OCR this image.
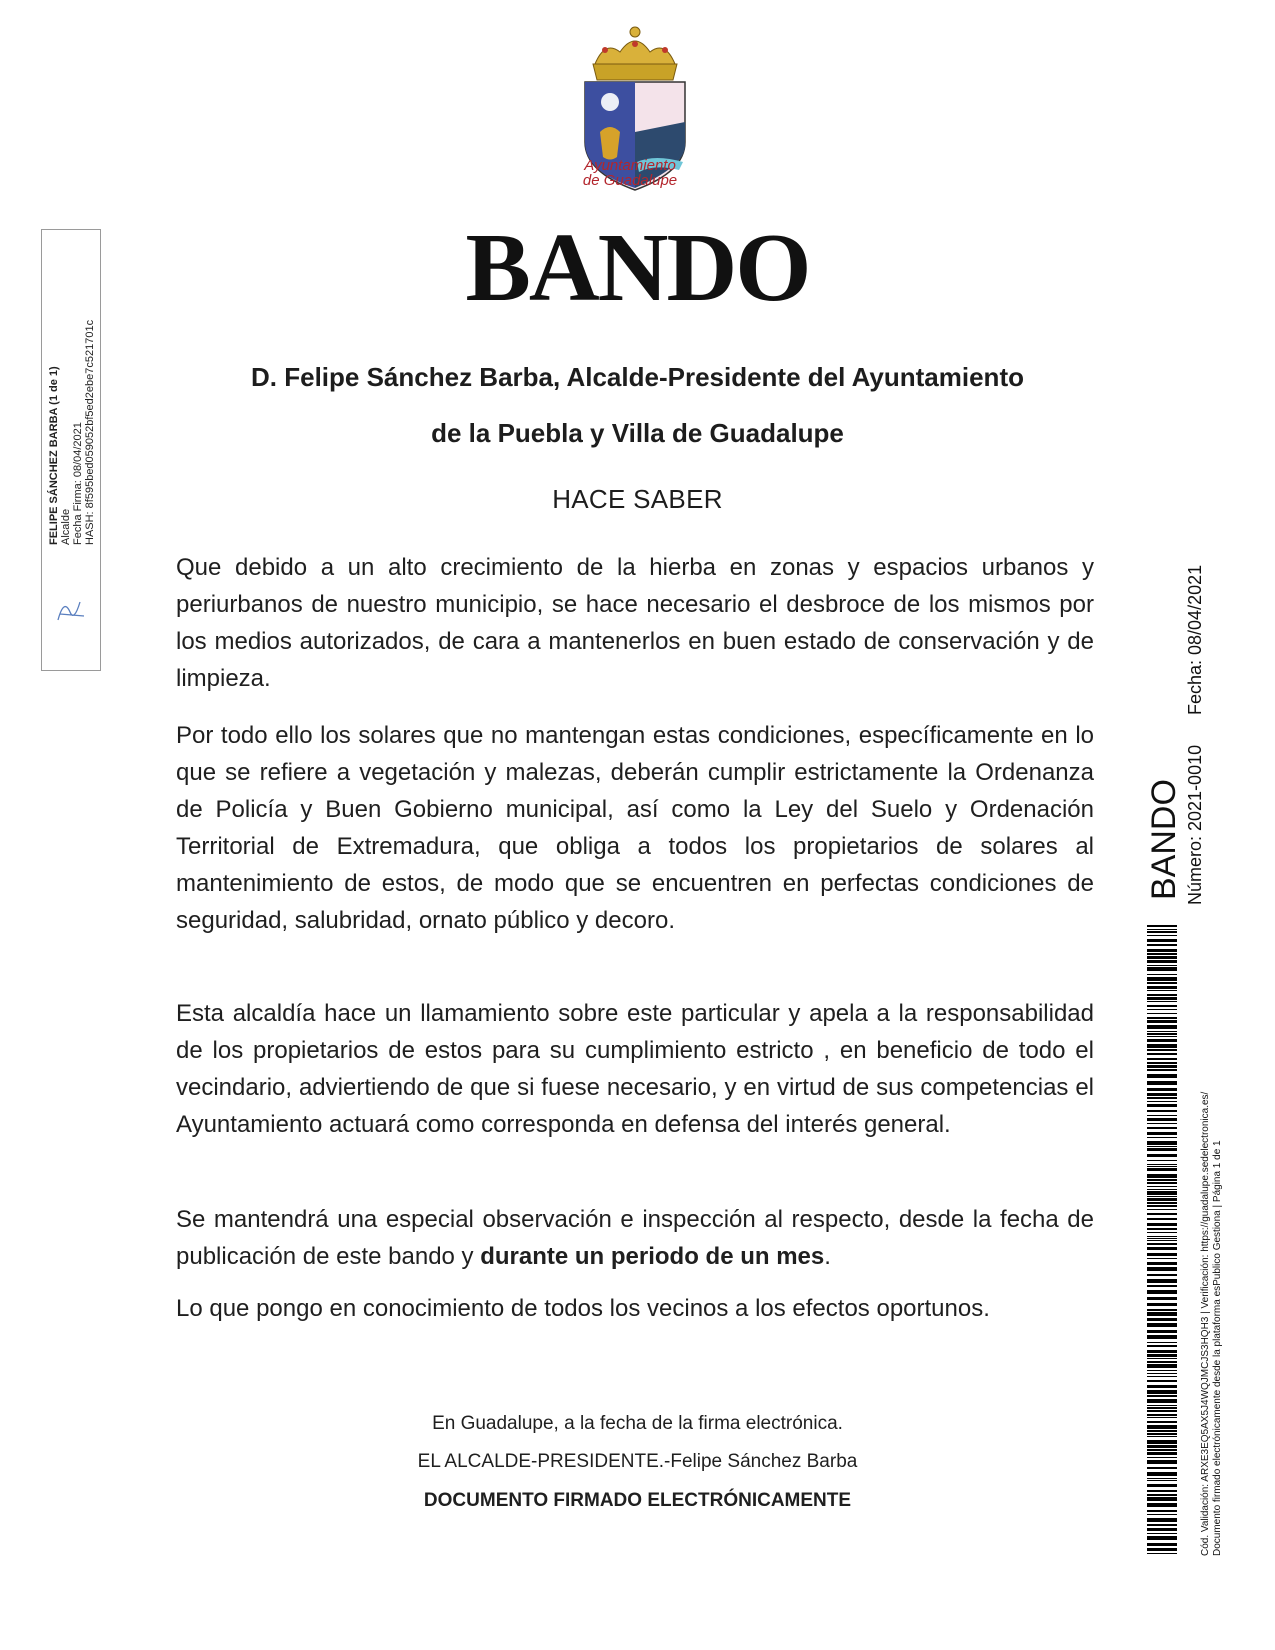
Ayuntamiento
de Guadalupe
BANDO
D. Felipe Sánchez Barba, Alcalde-Presidente del Ayuntamiento
de la Puebla y Villa de Guadalupe
HACE SABER
Que debido a un alto crecimiento de la hierba en zonas y espacios urbanos y periurbanos de nuestro municipio, se hace necesario el desbroce de los mismos por los medios autorizados, de cara a mantenerlos en buen estado de conservación y de limpieza.
Por todo ello los solares que no mantengan estas condiciones, específicamente en lo que se refiere a vegetación y malezas, deberán cumplir estrictamente la Ordenanza de Policía y Buen Gobierno municipal, así como la Ley del Suelo y Ordenación Territorial de Extremadura, que obliga a todos los propietarios de solares al mantenimiento de estos, de modo que se encuentren en perfectas condiciones de seguridad, salubridad, ornato público y decoro.
Esta alcaldía hace un llamamiento sobre este particular y apela a la responsabilidad de los propietarios de estos para su cumplimiento estricto , en beneficio de todo el vecindario, adviertiendo de que si fuese necesario, y en virtud de sus competencias el Ayuntamiento actuará como corresponda en defensa del interés general.
Se mantendrá una especial observación e inspección al respecto, desde la fecha de publicación de este bando y durante un periodo de un mes.
Lo que pongo en conocimiento de todos los vecinos a los efectos oportunos.
En Guadalupe, a la fecha de la firma electrónica.
EL ALCALDE-PRESIDENTE.-Felipe Sánchez Barba
DOCUMENTO FIRMADO ELECTRÓNICAMENTE
FELIPE SÁNCHEZ BARBA (1 de 1) Alcalde Fecha Firma: 08/04/2021 HASH: 8f595bed059052bf5ed2ebe7c521701c
BANDO Número: 2021-0010
Fecha: 08/04/2021
Cód. Validación: ARXE3EQ5AX5J4WQJMCJS3HQH3 | Verificación: https://guadalupe.sedelectronica.es/ Documento firmado electrónicamente desde la plataforma esPublico Gestiona | Página 1 de 1
